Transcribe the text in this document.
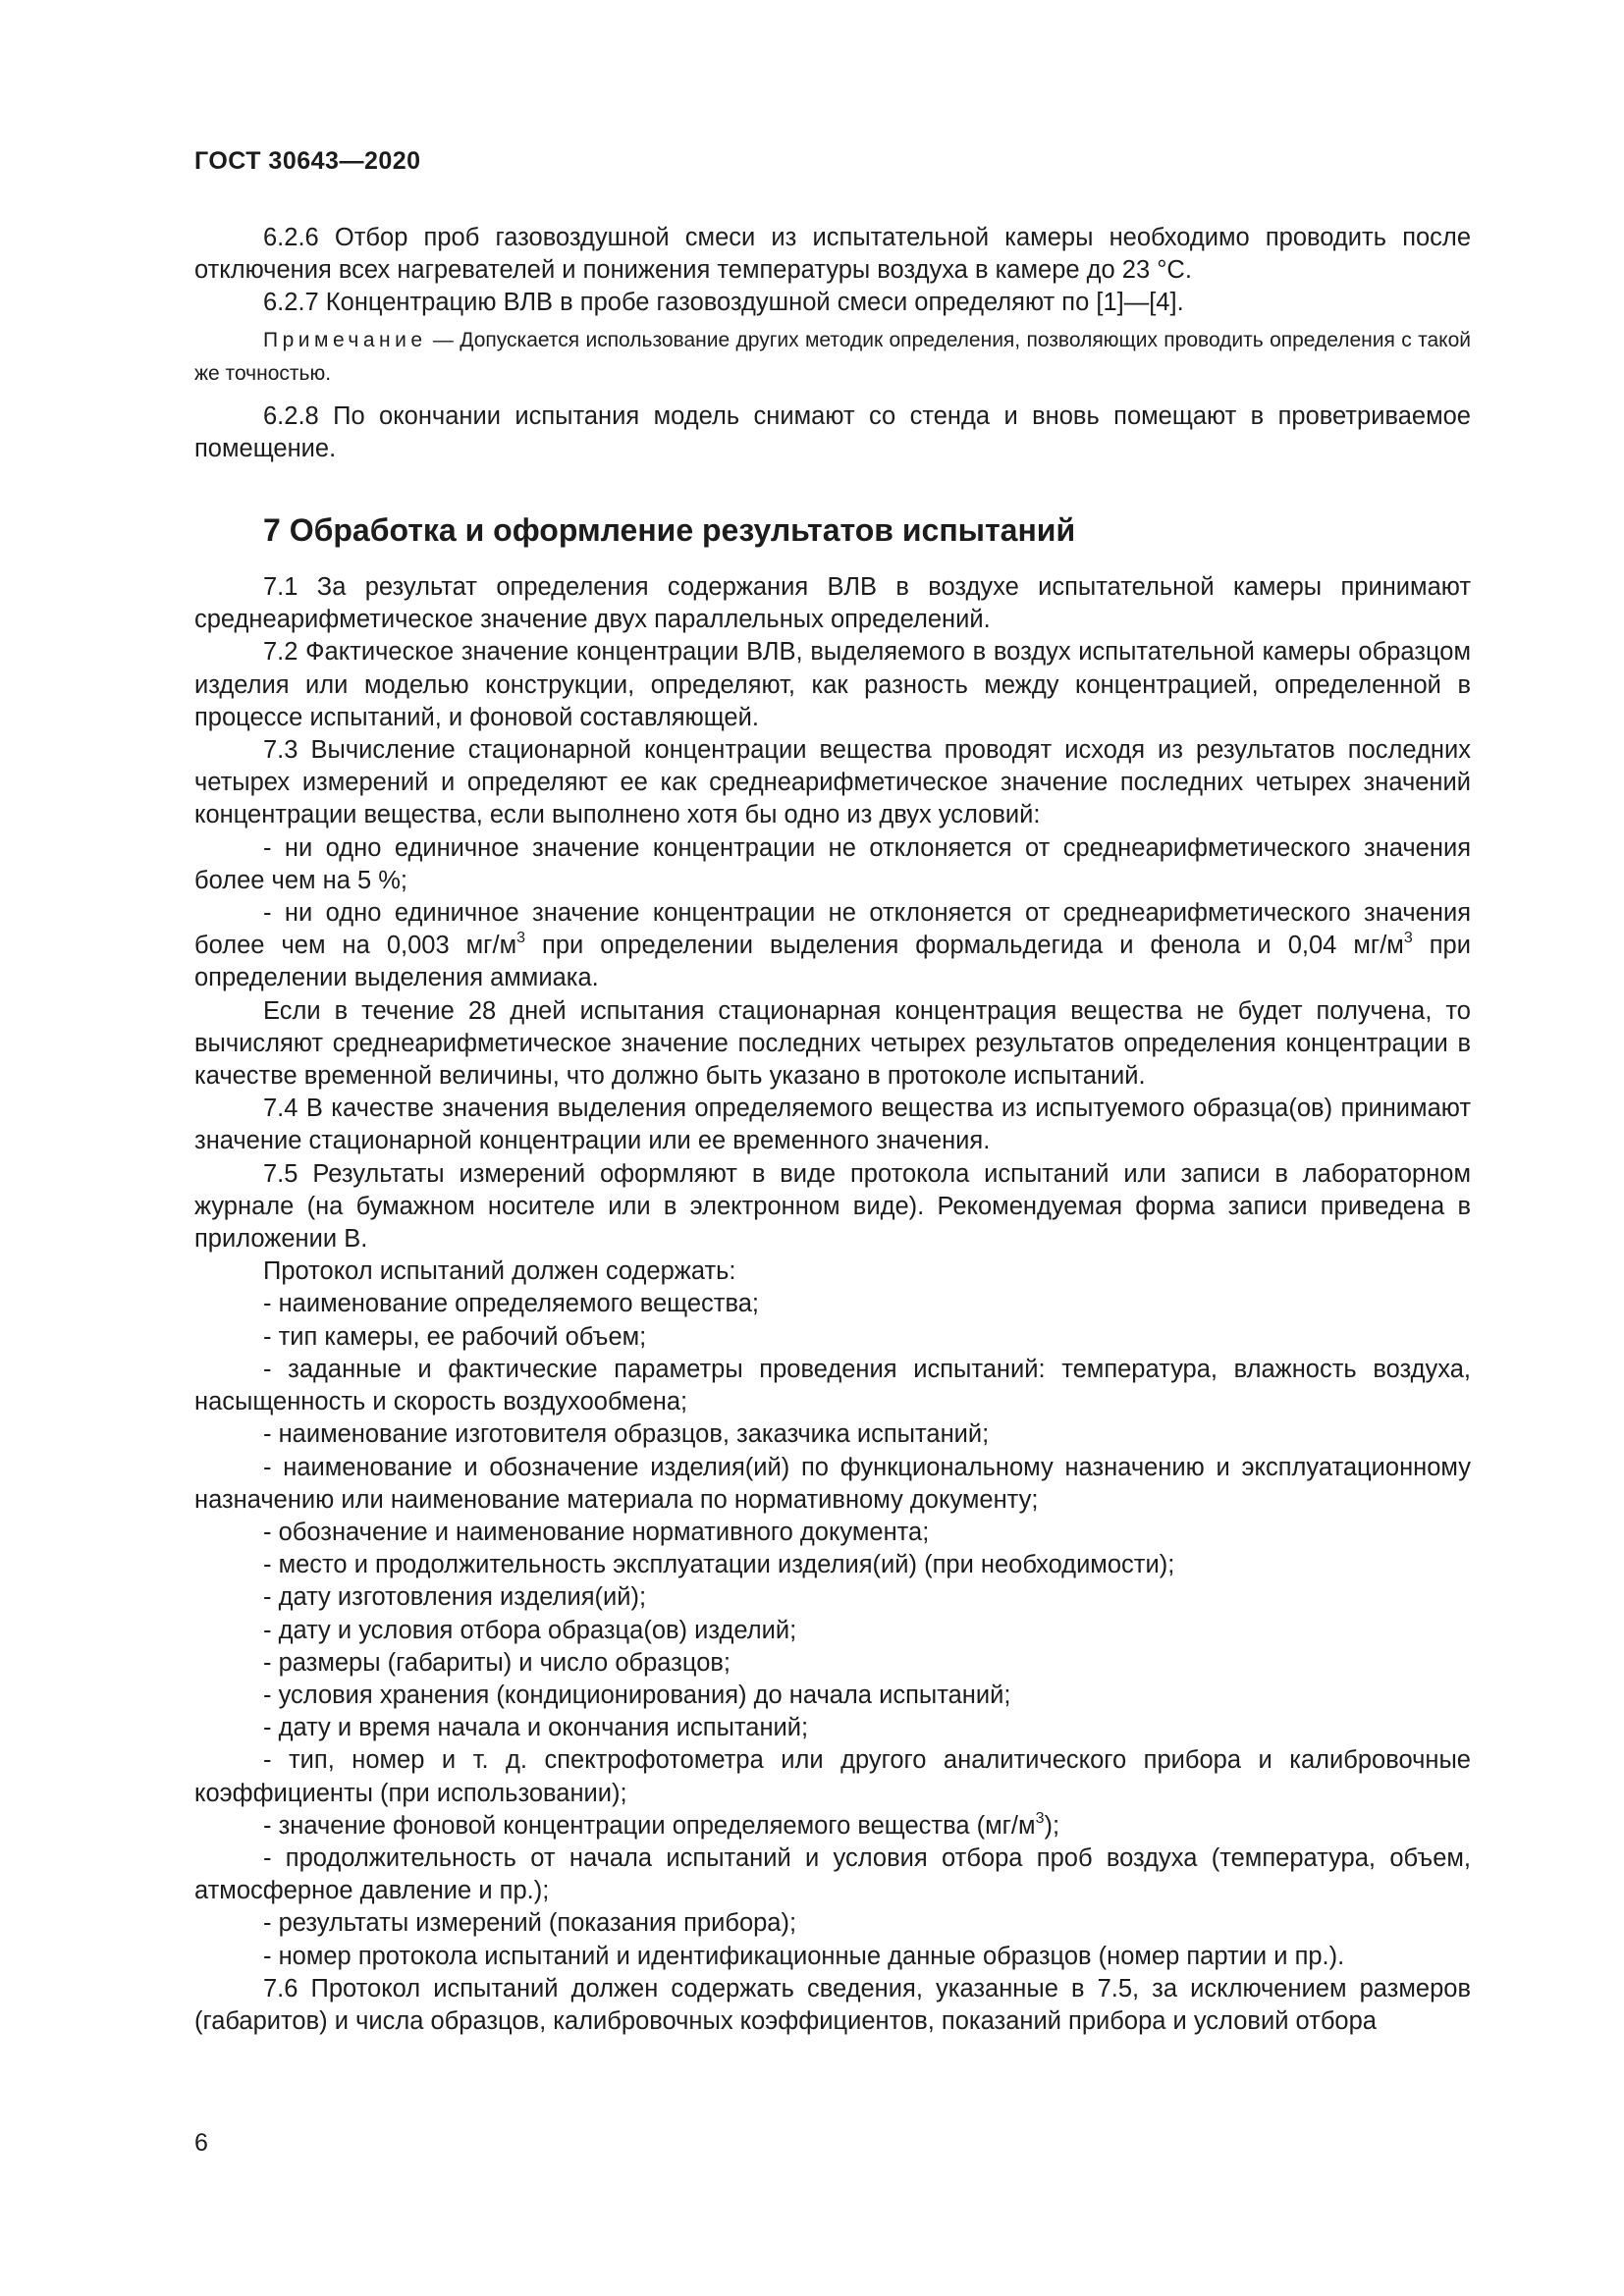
ГОСТ 30643—2020

6.2.6 Отбор проб газовоздушной смеси из испытательной камеры необходимо проводить после отключения всех нагревателей и понижения температуры воздуха в камере до 23 °С.

6.2.7 Концентрацию ВЛВ в пробе газовоздушной смеси определяют по [1]—[4].

Примечание — Допускается использование других методик определения, позволяющих проводить определения с такой же точностью.

6.2.8 По окончании испытания модель снимают со стенда и вновь помещают в проветриваемое помещение.

7 Обработка и оформление результатов испытаний

7.1 За результат определения содержания ВЛВ в воздухе испытательной камеры принимают среднеарифметическое значение двух параллельных определений.

7.2 Фактическое значение концентрации ВЛВ, выделяемого в воздух испытательной камеры образцом изделия или моделью конструкции, определяют, как разность между концентрацией, определенной в процессе испытаний, и фоновой составляющей.

7.3 Вычисление стационарной концентрации вещества проводят исходя из результатов последних четырех измерений и определяют ее как среднеарифметическое значение последних четырех значений концентрации вещества, если выполнено хотя бы одно из двух условий:

- ни одно единичное значение концентрации не отклоняется от среднеарифметического значения более чем на 5 %;

- ни одно единичное значение концентрации не отклоняется от среднеарифметического значения более чем на 0,003 $мг/м^3$ при определении выделения формальдегида и фенола и 0,04 $мг/м^3$ при определении выделения аммиака.

Если в течение 28 дней испытания стационарная концентрация вещества не будет получена, то вычисляют среднеарифметическое значение последних четырех результатов определения концентрации в качестве временной величины, что должно быть указано в протоколе испытаний.

7.4 В качестве значения выделения определяемого вещества из испытуемого образца(ов) принимают значение стационарной концентрации или ее временного значения.

7.5 Результаты измерений оформляют в виде протокола испытаний или записи в лабораторном журнале (на бумажном носителе или в электронном виде). Рекомендуемая форма записи приведена в приложении В.

Протокол испытаний должен содержать:

- наименование определяемого вещества;

- тип камеры, ее рабочий объем;

- заданные и фактические параметры проведения испытаний: температура, влажность воздуха, насыщенность и скорость воздухообмена;

- наименование изготовителя образцов, заказчика испытаний;

- наименование и обозначение изделия(ий) по функциональному назначению и эксплуатационному назначению или наименование материала по нормативному документу;

- обозначение и наименование нормативного документа;

- место и продолжительность эксплуатации изделия(ий) (при необходимости);

- дату изготовления изделия(ий);

- дату и условия отбора образца(ов) изделий;

- размеры (габариты) и число образцов;

- условия хранения (кондиционирования) до начала испытаний;

- дату и время начала и окончания испытаний;

- тип, номер и т. д. спектрофотометра или другого аналитического прибора и калибровочные коэффициенты (при использовании);

- значение фоновой концентрации определяемого вещества $(мг/м^3)$;

- продолжительность от начала испытаний и условия отбора проб воздуха (температура, объем, атмосферное давление и пр.);

- результаты измерений (показания прибора);

- номер протокола испытаний и идентификационные данные образцов (номер партии и пр.).

7.6 Протокол испытаний должен содержать сведения, указанные в 7.5, за исключением размеров (габаритов) и числа образцов, калибровочных коэффициентов, показаний прибора и условий отбора

6
